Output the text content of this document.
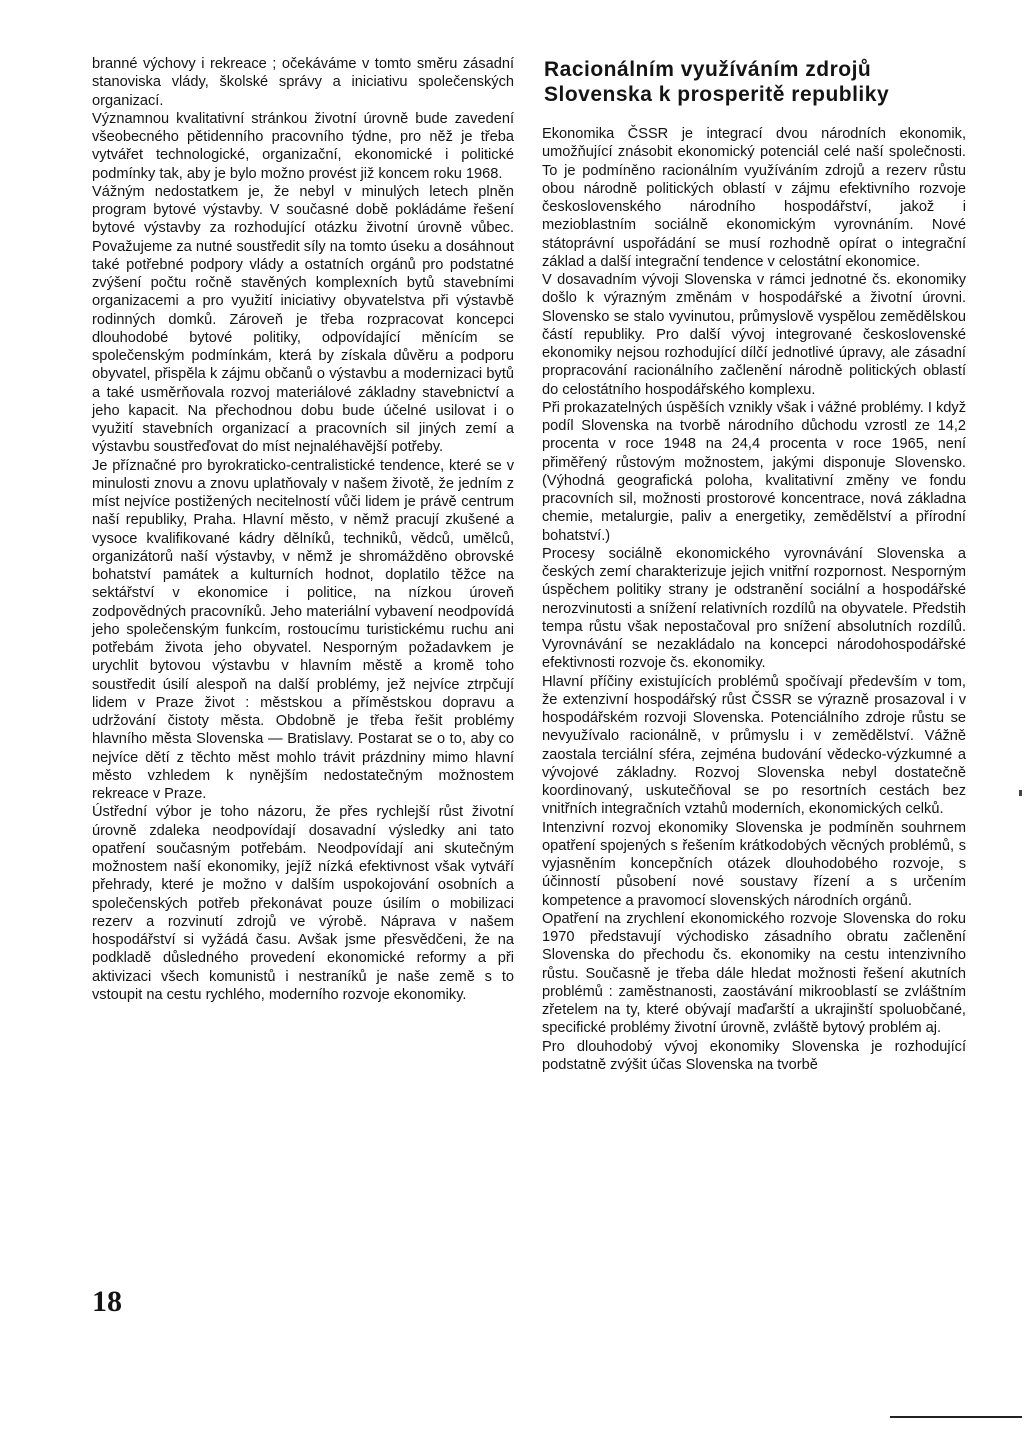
branné výchovy i rekreace ; očekáváme v tomto směru zásadní stanoviska vlády, školské správy a iniciativu společenských organizací.

Významnou kvalitativní stránkou životní úrovně bude zavedení všeobecného pětidenního pracovního týdne, pro něž je třeba vytvářet technologické, organizační, ekonomické i politické podmínky tak, aby je bylo možno provést již koncem roku 1968.

Vážným nedostatkem je, že nebyl v minulých letech plněn program bytové výstavby. V současné době pokládáme řešení bytové výstavby za rozhodující otázku životní úrovně vůbec. Považujeme za nutné soustředit síly na tomto úseku a dosáhnout také potřebné podpory vlády a ostatních orgánů pro podstatné zvýšení počtu ročně stavěných komplexních bytů stavebními organizacemi a pro využití iniciativy obyvatelstva při výstavbě rodinných domků. Zároveň je třeba rozpracovat koncepci dlouhodobé bytové politiky, odpovídající měnícím se společenským podmínkám, která by získala důvěru a podporu obyvatel, přispěla k zájmu občanů o výstavbu a modernizaci bytů a také usměrňovala rozvoj materiálové základny stavebnictví a jeho kapacit. Na přechodnou dobu bude účelné usilovat i o využití stavebních organizací a pracovních sil jiných zemí a výstavbu soustřeďovat do míst nejnaléhavější potřeby.

Je příznačné pro byrokraticko-centralistické tendence, které se v minulosti znovu a znovu uplatňovaly v našem životě, že jedním z míst nejvíce postižených necitelností vůči lidem je právě centrum naší republiky, Praha. Hlavní město, v němž pracují zkušené a vysoce kvalifikované kádry dělníků, techniků, vědců, umělců, organizátorů naší výstavby, v němž je shromážděno obrovské bohatství památek a kulturních hodnot, doplatilo těžce na sektářství v ekonomice i politice, na nízkou úroveň zodpovědných pracovníků. Jeho materiální vybavení neodpovídá jeho společenským funkcím, rostoucímu turistickému ruchu ani potřebám života jeho obyvatel. Nesporným požadavkem je urychlit bytovou výstavbu v hlavním městě a kromě toho soustředit úsilí alespoň na další problémy, jež nejvíce ztrpčují lidem v Praze život : městskou a příměstskou dopravu a udržování čistoty města. Obdobně je třeba řešit problémy hlavního města Slovenska — Bratislavy. Postarat se o to, aby co nejvíce dětí z těchto měst mohlo trávit prázdniny mimo hlavní město vzhledem k nynějším nedostatečným možnostem rekreace v Praze.

Ústřední výbor je toho názoru, že přes rychlejší růst životní úrovně zdaleka neodpovídají dosavadní výsledky ani tato opatření současným potřebám. Neodpovídají ani skutečným možnostem naší ekonomiky, jejíž nízká efektivnost však vytváří přehrady, které je možno v dalším uspokojování osobních a společenských potřeb překonávat pouze úsilím o mobilizaci rezerv a rozvinutí zdrojů ve výrobě. Náprava v našem hospodářství si vyžádá času. Avšak jsme přesvědčeni, že na podkladě důsledného provedení ekonomické reformy a při aktivizaci všech komunistů i nestraníků je naše země s to vstoupit na cestu rychlého, moderního rozvoje ekonomiky.

Racionálním využíváním zdrojů
Slovenska k prosperitě republiky

Ekonomika ČSSR je integrací dvou národních ekonomik, umožňující znásobit ekonomický potenciál celé naší společnosti. To je podmíněno racionálním využíváním zdrojů a rezerv růstu obou národně politických oblastí v zájmu efektivního rozvoje československého národního hospodářství, jakož i mezioblastním sociálně ekonomickým vyrovnáním. Nové státoprávní uspořádání se musí rozhodně opírat o integrační základ a další integrační tendence v celostátní ekonomice.

V dosavadním vývoji Slovenska v rámci jednotné čs. ekonomiky došlo k výrazným změnám v hospodářské a životní úrovni. Slovensko se stalo vyvinutou, průmyslově vyspělou zemědělskou částí republiky. Pro další vývoj integrované československé ekonomiky nejsou rozhodující dílčí jednotlivé úpravy, ale zásadní propracování racionálního začlenění národně politických oblastí do celostátního hospodářského komplexu.

Při prokazatelných úspěších vznikly však i vážné problémy. I když podíl Slovenska na tvorbě národního důchodu vzrostl ze 14,2 procenta v roce 1948 na 24,4 procenta v roce 1965, není přiměřený růstovým možnostem, jakými disponuje Slovensko. (Výhodná geografická poloha, kvalitativní změny ve fondu pracovních sil, možnosti prostorové koncentrace, nová základna chemie, metalurgie, paliv a energetiky, zemědělství a přírodní bohatství.)

Procesy sociálně ekonomického vyrovnávání Slovenska a českých zemí charakterizuje jejich vnitřní rozpornost. Nesporným úspěchem politiky strany je odstranění sociální a hospodářské nerozvinutosti a snížení relativních rozdílů na obyvatele. Předstih tempa růstu však nepostačoval pro snížení absolutních rozdílů. Vyrovnávání se nezakládalo na koncepci národohospodářské efektivnosti rozvoje čs. ekonomiky.

Hlavní příčiny existujících problémů spočívají především v tom, že extenzivní hospodářský růst ČSSR se výrazně prosazoval i v hospodářském rozvoji Slovenska. Potenciálního zdroje růstu se nevyužívalo racionálně, v průmyslu i v zemědělství. Vážně zaostala terciální sféra, zejména budování vědecko-výzkumné a vývojové základny. Rozvoj Slovenska nebyl dostatečně koordinovaný, uskutečňoval se po resortních cestách bez vnitřních integračních vztahů moderních, ekonomických celků.

Intenzivní rozvoj ekonomiky Slovenska je podmíněn souhrnem opatření spojených s řešením krátkodobých věcných problémů, s vyjasněním koncepčních otázek dlouhodobého rozvoje, s účinností působení nové soustavy řízení a s určením kompetence a pravomocí slovenských národních orgánů.

Opatření na zrychlení ekonomického rozvoje Slovenska do roku 1970 představují východisko zásadního obratu začlenění Slovenska do přechodu čs. ekonomiky na cestu intenzivního růstu. Současně je třeba dále hledat možnosti řešení akutních problémů : zaměstnanosti, zaostávání mikrooblastí se zvláštním zřetelem na ty, které obývají maďarští a ukrajinští spoluobčané, specifické problémy životní úrovně, zvláště bytový problém aj.

Pro dlouhodobý vývoj ekonomiky Slovenska je rozhodující podstatně zvýšit účas Slovenska na tvorbě

18
